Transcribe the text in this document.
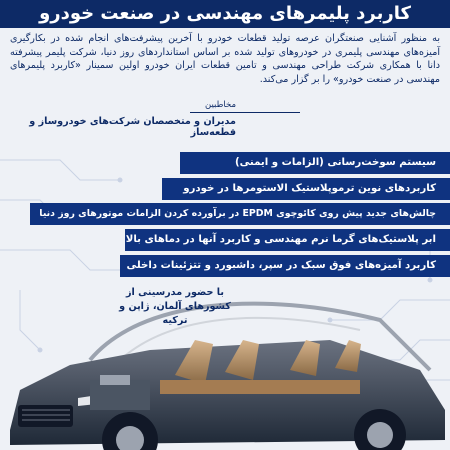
کاربرد پلیمرهای مهندسی در صنعت خودرو
به منظور آشنایی صنعتگران عرصه تولید قطعات خودرو با آخرین پیشرفت‌های انجام شده در بکارگیری آمیزه‌های مهندسی پلیمری در خودروهای تولید شده بر اساس استانداردهای روز دنیا، شرکت پلیمر پیشرفته دانا با همکاری شرکت طراحی مهندسی و تامین قطعات ایران خودرو اولین سمینار «کاربرد پلیمرهای مهندسی در صنعت خودرو» را بر گزار می‌کند.
مخاطبین
مدیران و متخصصان شرکت‌های خودروساز و قطعه‌ساز
سیستم سوخت‌رسانی (الزامات و ایمنی)
کاربردهای نوین ترموپلاستیک الاستومرها در خودرو
چالش‌های جدید پیش روی کائوچوی EPDM در برآورده کردن الزامات موتورهای روز دنیا
ابر پلاستیک‌های گرما نرم مهندسی و کاربرد آنها در دماهای بالا
کاربرد آمیزه‌های فوق سبک در سپر، داشبورد و تتزئینات داخلی
با حضور مدرسینی از
کشورهای آلمان، ژاپن و ترکیه
